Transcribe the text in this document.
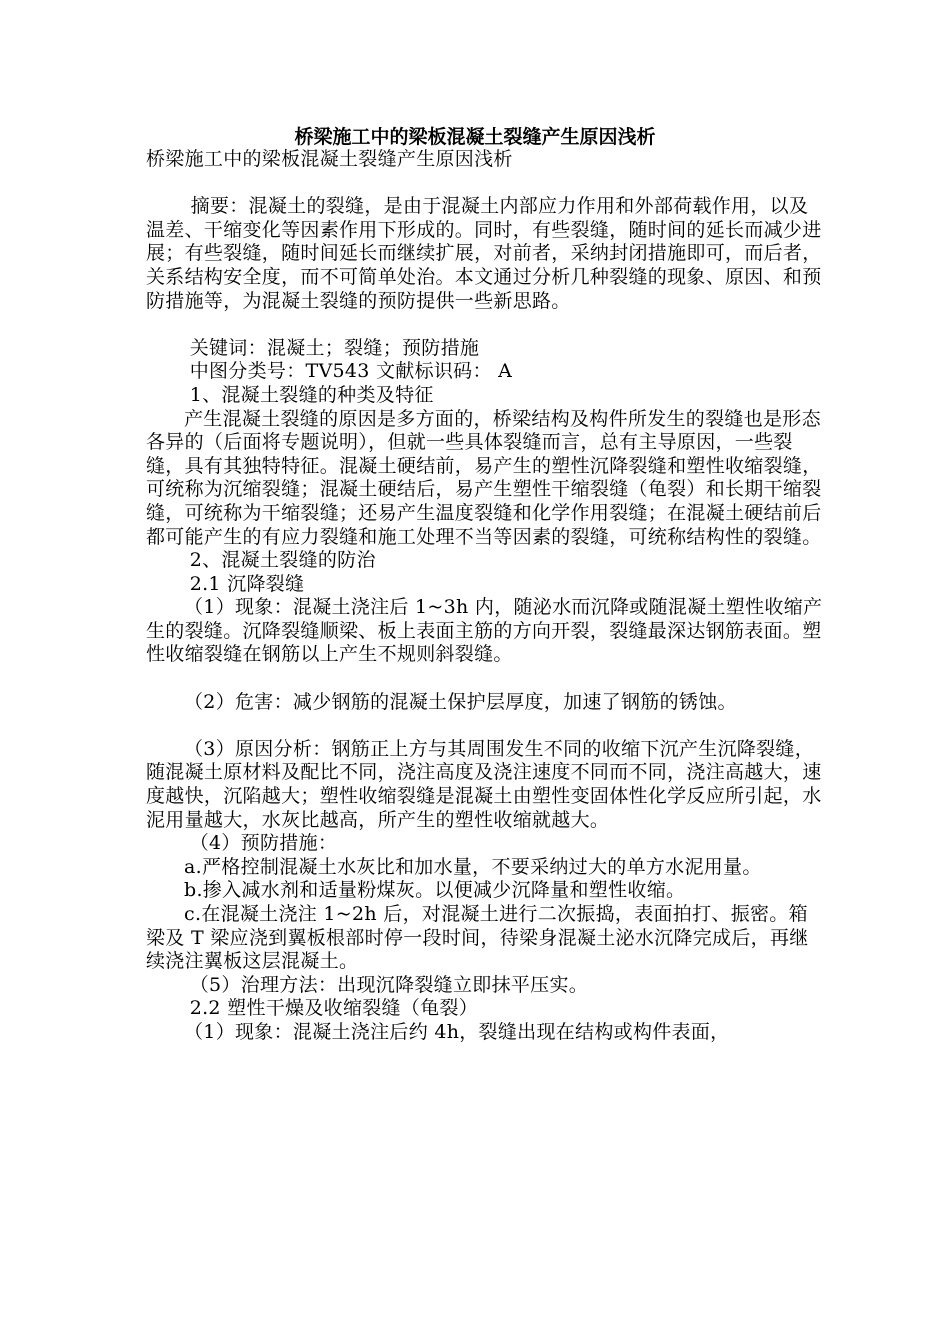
桥梁施工中的梁板混凝土裂缝产生原因浅析

桥梁施工中的梁板混凝土裂缝产生原因浅析

摘要：混凝土的裂缝，是由于混凝土内部应力作用和外部荷载作用，以及温差、干缩变化等因素作用下形成的。同时，有些裂缝，随时间的延长而减少进展；有些裂缝，随时间延长而继续扩展，对前者，采纳封闭措施即可，而后者，关系结构安全度，而不可简单处治。本文通过分析几种裂缝的现象、原因、和预防措施等，为混凝土裂缝的预防提供一些新思路。

关键词：混凝土；裂缝；预防措施

中图分类号：TV543 文献标识码： A

1、混凝土裂缝的种类及特征

产生混凝土裂缝的原因是多方面的，桥梁结构及构件所发生的裂缝也是形态各异的（后面将专题说明），但就一些具体裂缝而言，总有主导原因，一些裂缝，具有其独特特征。混凝土硬结前，易产生的塑性沉降裂缝和塑性收缩裂缝，可统称为沉缩裂缝；混凝土硬结后，易产生塑性干缩裂缝（龟裂）和长期干缩裂缝，可统称为干缩裂缝；还易产生温度裂缝和化学作用裂缝；在混凝土硬结前后都可能产生的有应力裂缝和施工处理不当等因素的裂缝，可统称结构性的裂缝。

2、混凝土裂缝的防治

2.1 沉降裂缝

（1）现象：混凝土浇注后 1~3h 内，随泌水而沉降或随混凝土塑性收缩产生的裂缝。沉降裂缝顺梁、板上表面主筋的方向开裂，裂缝最深达钢筋表面。塑性收缩裂缝在钢筋以上产生不规则斜裂缝。

（2）危害：减少钢筋的混凝土保护层厚度，加速了钢筋的锈蚀。

（3）原因分析：钢筋正上方与其周围发生不同的收缩下沉产生沉降裂缝，随混凝土原材料及配比不同，浇注高度及浇注速度不同而不同，浇注高越大，速度越快，沉陷越大；塑性收缩裂缝是混凝土由塑性变固体性化学反应所引起，水泥用量越大，水灰比越高，所产生的塑性收缩就越大。

（4）预防措施：

a.严格控制混凝土水灰比和加水量，不要采纳过大的单方水泥用量。

b.掺入减水剂和适量粉煤灰。以便减少沉降量和塑性收缩。

c.在混凝土浇注 1~2h 后，对混凝土进行二次振捣，表面拍打、振密。箱梁及 T 梁应浇到翼板根部时停一段时间，待梁身混凝土泌水沉降完成后，再继续浇注翼板这层混凝土。

（5）治理方法：出现沉降裂缝立即抹平压实。

2.2 塑性干燥及收缩裂缝（龟裂）

（1）现象：混凝土浇注后约 4h，裂缝出现在结构或构件表面，
